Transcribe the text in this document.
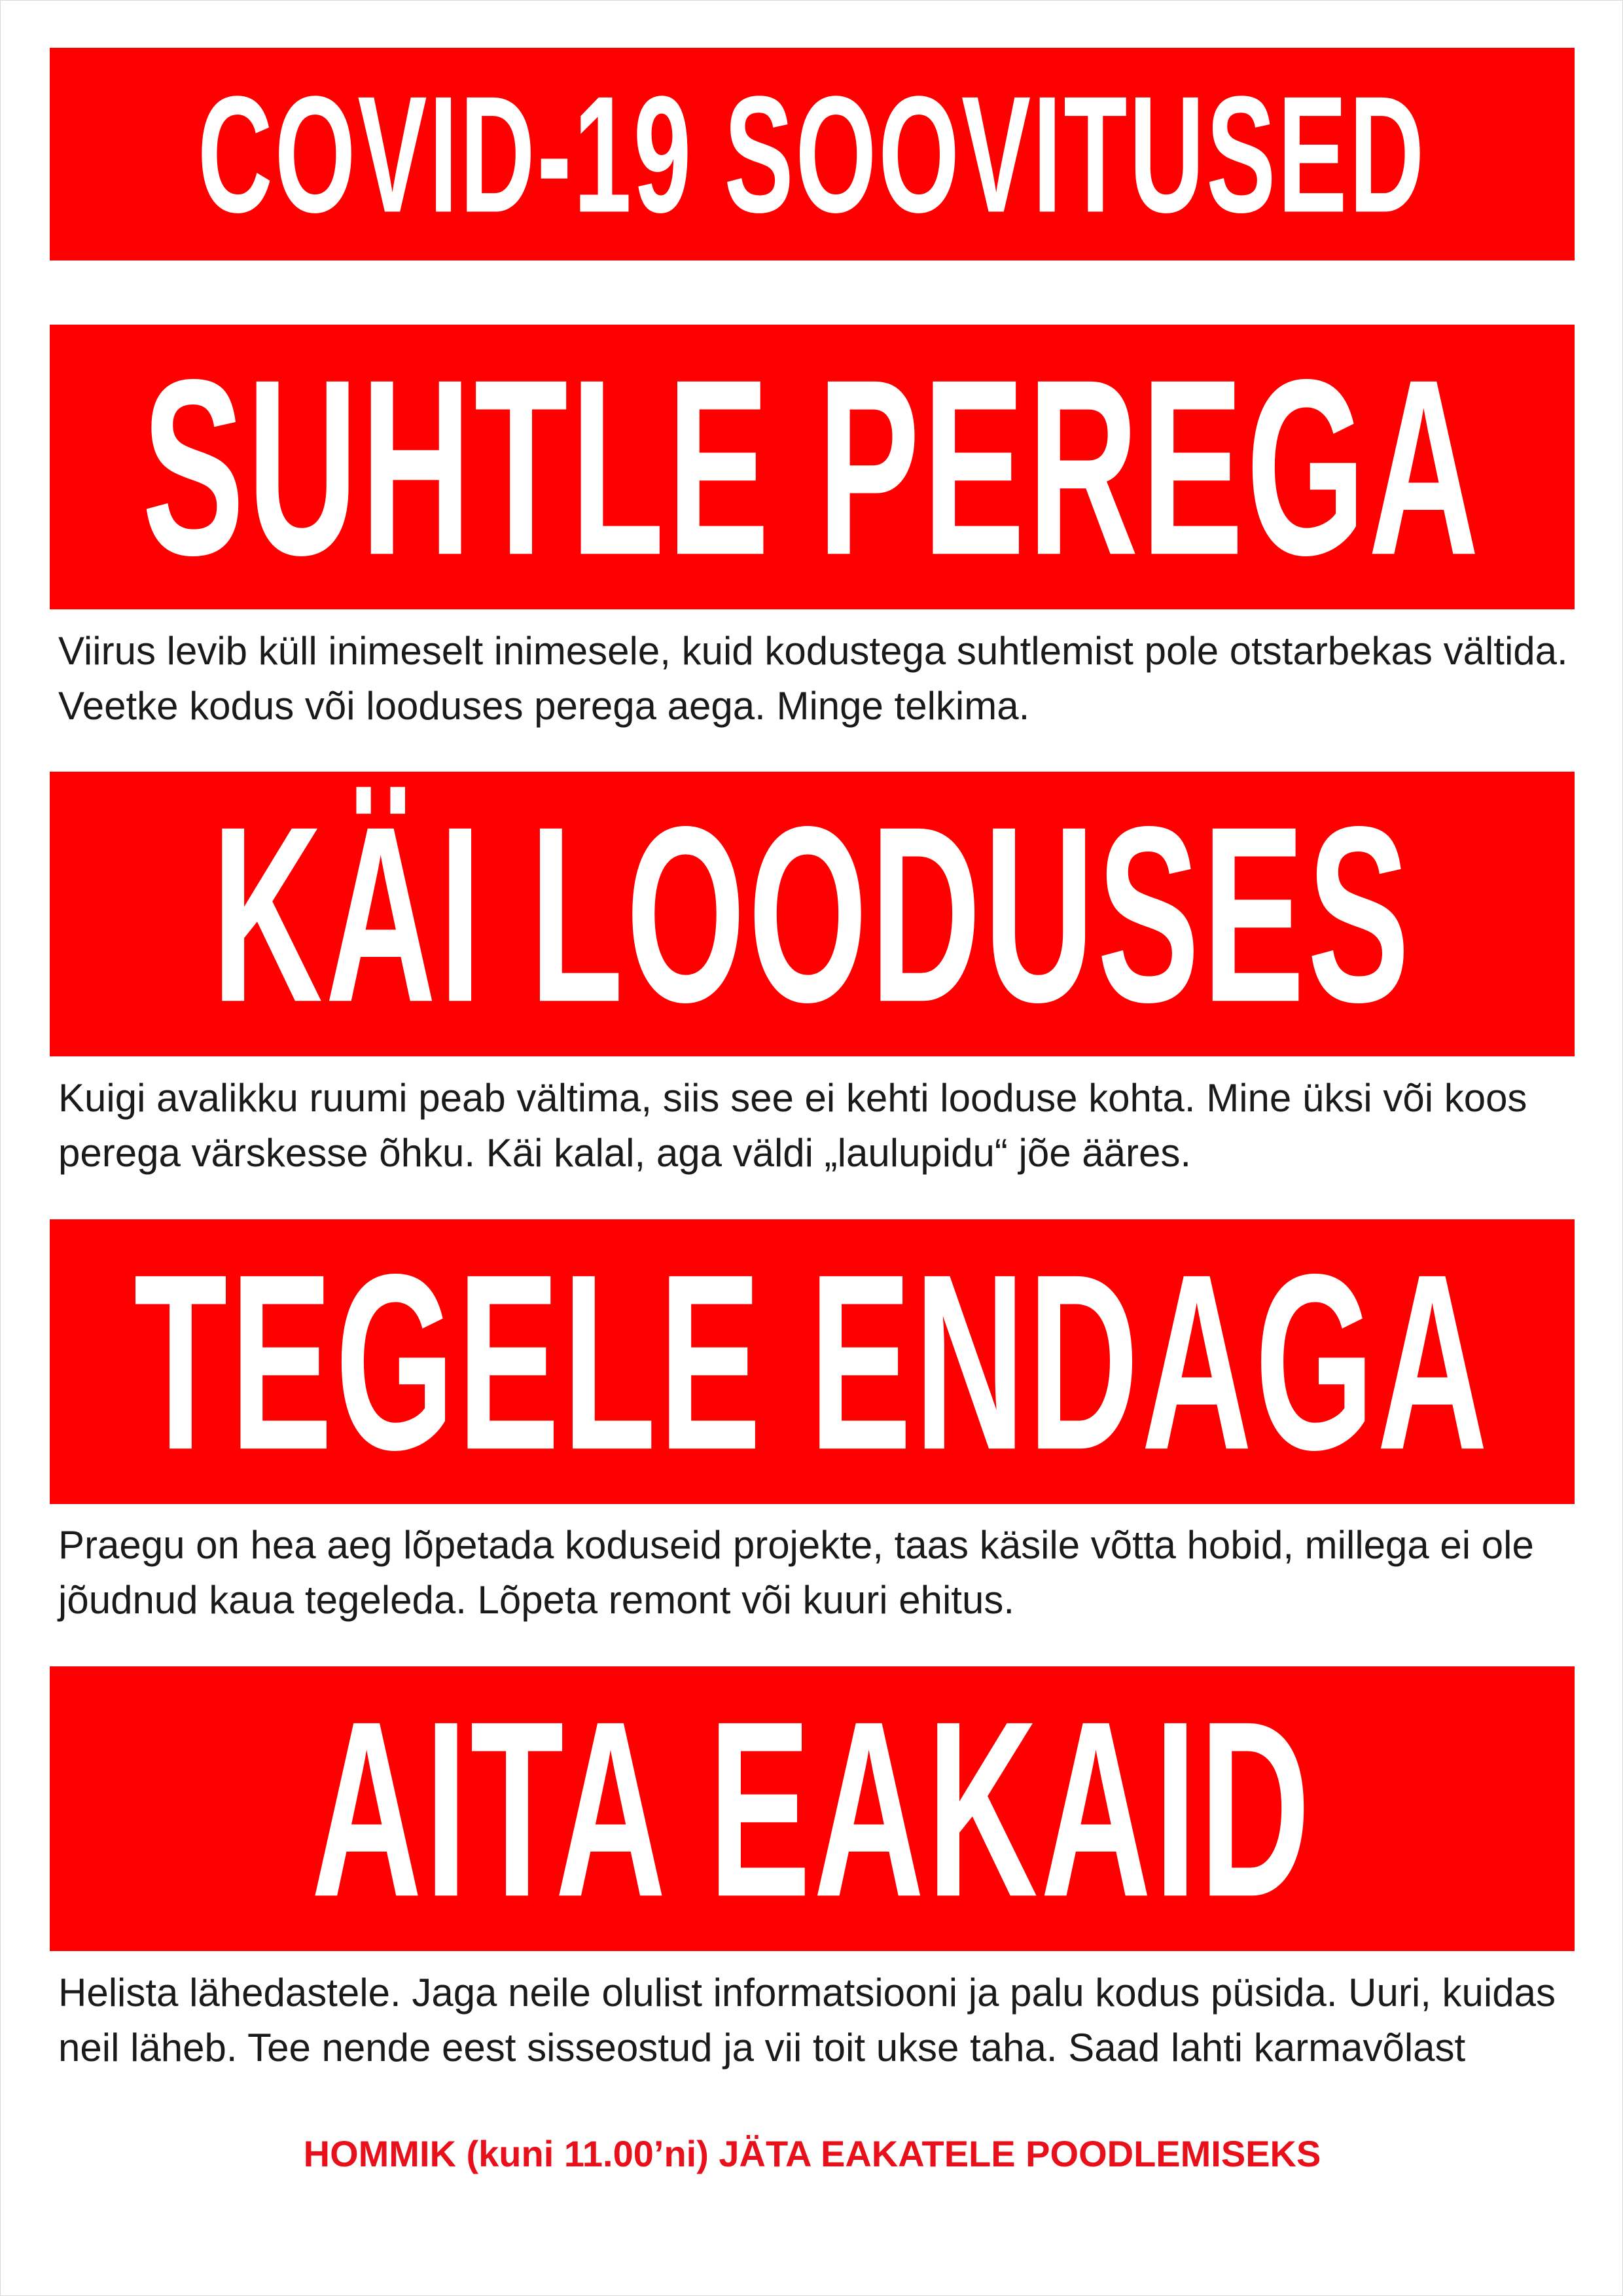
COVID-19 SOOVITUSED
SUHTLE PEREGA

Viirus levib küll inimeselt inimesele, kuid kodustega suhtlemist pole otstarbekas vältida. Veetke kodus või looduses perega aega. Minge telkima.

KÄI LOODUSES

Kuigi avalikku ruumi peab vältima, siis see ei kehti looduse kohta. Mine üksi või koos perega värskesse õhku. Käi kalal, aga väldi „laulupidu“ jõe ääres.

TEGELE ENDAGA

Praegu on hea aeg lõpetada koduseid projekte, taas käsile võtta hobid, millega ei ole jõudnud kaua tegeleda. Lõpeta remont või kuuri ehitus.

AITA EAKAID

Helista lähedastele. Jaga neile olulist informatsiooni ja palu kodus püsida. Uuri, kuidas neil läheb. Tee nende eest sisseostud ja vii toit ukse taha. Saad lahti karmavõlast

HOMMIK (kuni 11.00’ni) JÄTA EAKATELE POODLEMISEKS
